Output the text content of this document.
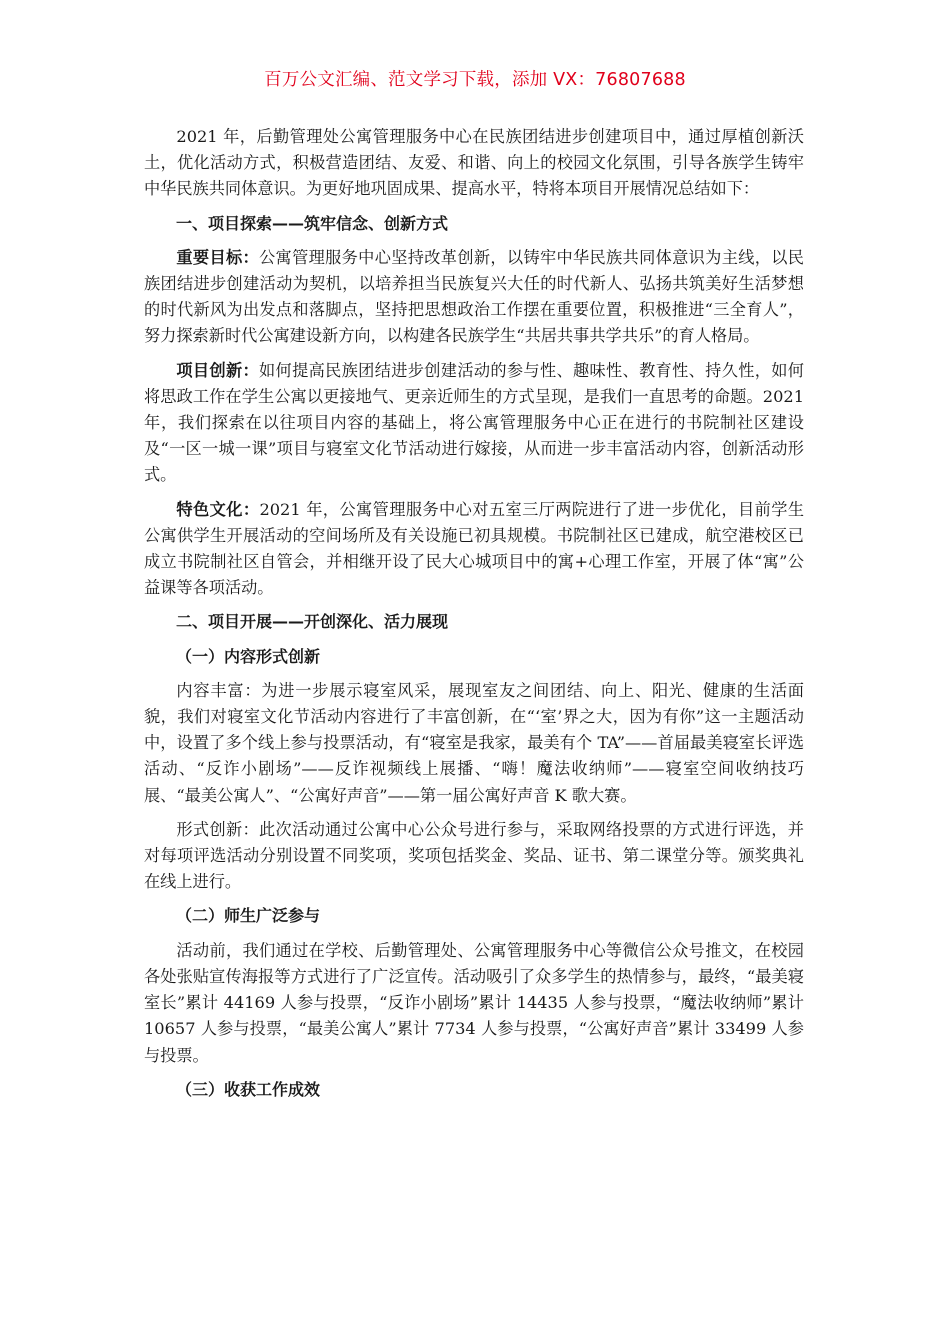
百万公文汇编、范文学习下载，添加 VX：76807688

2021 年，后勤管理处公寓管理服务中心在民族团结进步创建项目中，通过厚植创新沃土，优化活动方式，积极营造团结、友爱、和谐、向上的校园文化氛围，引导各族学生铸牢中华民族共同体意识。为更好地巩固成果、提高水平，特将本项目开展情况总结如下：

一、项目探索——筑牢信念、创新方式

重要目标：公寓管理服务中心坚持改革创新，以铸牢中华民族共同体意识为主线，以民族团结进步创建活动为契机，以培养担当民族复兴大任的时代新人、弘扬共筑美好生活梦想的时代新风为出发点和落脚点，坚持把思想政治工作摆在重要位置，积极推进“三全育人”，努力探索新时代公寓建设新方向，以构建各民族学生“共居共事共学共乐”的育人格局。

项目创新：如何提高民族团结进步创建活动的参与性、趣味性、教育性、持久性，如何将思政工作在学生公寓以更接地气、更亲近师生的方式呈现，是我们一直思考的命题。2021 年，我们探索在以往项目内容的基础上，将公寓管理服务中心正在进行的书院制社区建设及“一区一城一课”项目与寝室文化节活动进行嫁接，从而进一步丰富活动内容，创新活动形式。

特色文化：2021 年，公寓管理服务中心对五室三厅两院进行了进一步优化，目前学生公寓供学生开展活动的空间场所及有关设施已初具规模。书院制社区已建成，航空港校区已成立书院制社区自管会，并相继开设了民大心城项目中的寓+心理工作室，开展了体“寓”公益课等各项活动。

二、项目开展——开创深化、活力展现

（一）内容形式创新

内容丰富：为进一步展示寝室风采，展现室友之间团结、向上、阳光、健康的生活面貌，我们对寝室文化节活动内容进行了丰富创新，在“‘室’界之大，因为有你”这一主题活动中，设置了多个线上参与投票活动，有“寝室是我家，最美有个 TA”——首届最美寝室长评选活动、“反诈小剧场”——反诈视频线上展播、“嗨！魔法收纳师”——寝室空间收纳技巧展、“最美公寓人”、“公寓好声音”——第一届公寓好声音 K 歌大赛。

形式创新：此次活动通过公寓中心公众号进行参与，采取网络投票的方式进行评选，并对每项评选活动分别设置不同奖项，奖项包括奖金、奖品、证书、第二课堂分等。颁奖典礼在线上进行。

（二）师生广泛参与

活动前，我们通过在学校、后勤管理处、公寓管理服务中心等微信公众号推文，在校园各处张贴宣传海报等方式进行了广泛宣传。活动吸引了众多学生的热情参与，最终，“最美寝室长”累计 44169 人参与投票，“反诈小剧场”累计 14435 人参与投票，“魔法收纳师”累计 10657 人参与投票，“最美公寓人”累计 7734 人参与投票，“公寓好声音”累计 33499 人参与投票。

（三）收获工作成效
